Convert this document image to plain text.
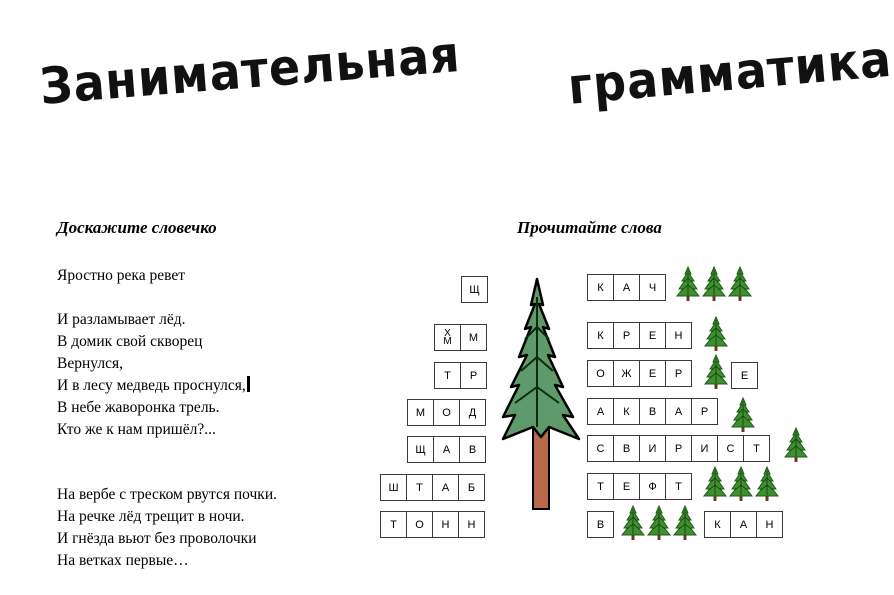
Занимательная грамматика
Доскажите словечко	Прочитайте слова
Яростно река ревет
И разламывает лёд.
В домик свой скворец
Вернулся,
И в лесу медведь проснулся,
В небе жаворонка трель.
Кто же к нам пришёл?...
На вербе с треском рвутся почки.
На речке лёд трещит в ночи.
И гнёзда вьют без проволочки
На ветках первые…
Щ
Х
М	М
Т	Р
М	О	Д
Щ	А	В
Ш	Т	А	Б
Т	О	Н	Н
К	А	Ч
К	Р	Е	Н
О	Ж	Е	Р	Е
А	К	В	А	Р
С	В	И	Р	И	С	Т
Т	Е	Ф	Т
В	К	А	Н
